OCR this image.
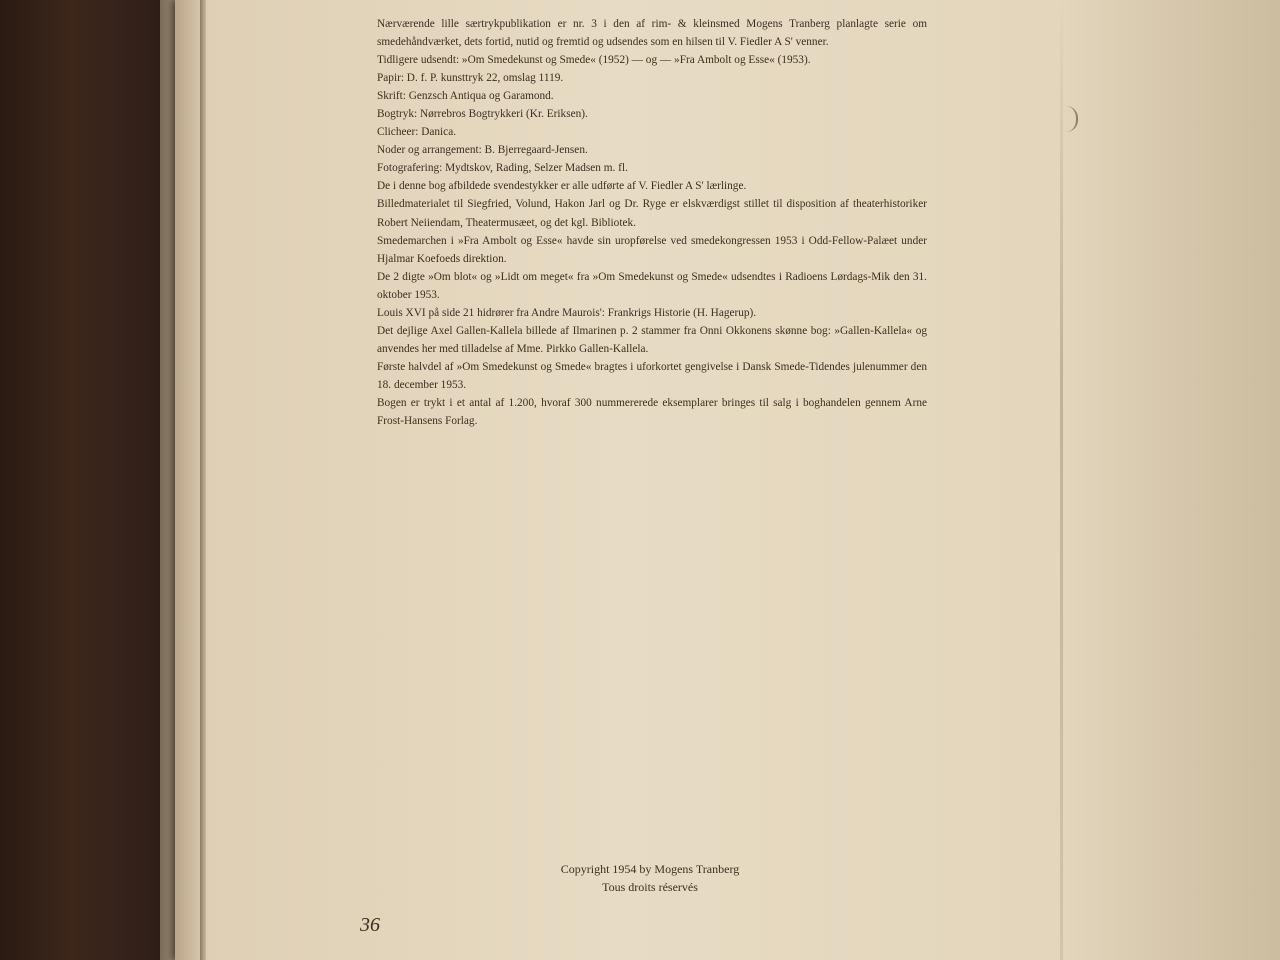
Nærværende lille særtrykpublikation er nr. 3 i den af rim- & kleinsmed Mogens Tranberg planlagte serie om smedehåndværket, dets fortid, nutid og fremtid og udsendes som en hilsen til V. Fiedler A S' venner.

Tidligere udsendt: »Om Smedekunst og Smede« (1952) — og — »Fra Ambolt og Esse« (1953).

Papir: D. f. P. kunsttryk 22, omslag 1119.

Skrift: Genzsch Antiqua og Garamond.

Bogtryk: Nørrebros Bogtrykkeri (Kr. Eriksen).

Clicheer: Danica.

Noder og arrangement: B. Bjerregaard-Jensen.

Fotografering: Mydtskov, Rading, Selzer Madsen m. fl.

De i denne bog afbildede svendestykker er alle udførte af V. Fiedler A S' lærlinge.

Billedmaterialet til Siegfried, Volund, Hakon Jarl og Dr. Ryge er elskværdigst stillet til disposition af theaterhistoriker Robert Neiiendam, Theatermusæet, og det kgl. Bibliotek.

Smedemarchen i »Fra Ambolt og Esse« havde sin uropførelse ved smedekongressen 1953 i Odd-Fellow-Palæet under Hjalmar Koefoeds direktion.

De 2 digte »Om blot« og »Lidt om meget« fra »Om Smedekunst og Smede« udsendtes i Radioens Lørdags-Mik den 31. oktober 1953.

Louis XVI på side 21 hidrører fra Andre Maurois': Frankrigs Historie (H. Hagerup).

Det dejlige Axel Gallen-Kallela billede af Ilmarinen p. 2 stammer fra Onni Okkonens skønne bog: »Gallen-Kallela« og anvendes her med tilladelse af Mme. Pirkko Gallen-Kallela.

Første halvdel af »Om Smedekunst og Smede« bragtes i uforkortet gengivelse i Dansk Smede-Tidendes julenummer den 18. december 1953.

Bogen er trykt i et antal af 1.200, hvoraf 300 nummererede eksemplarer bringes til salg i boghandelen gennem Arne Frost-Hansens Forlag.

Copyright 1954 by Mogens Tranberg
Tous droits réservés
36
